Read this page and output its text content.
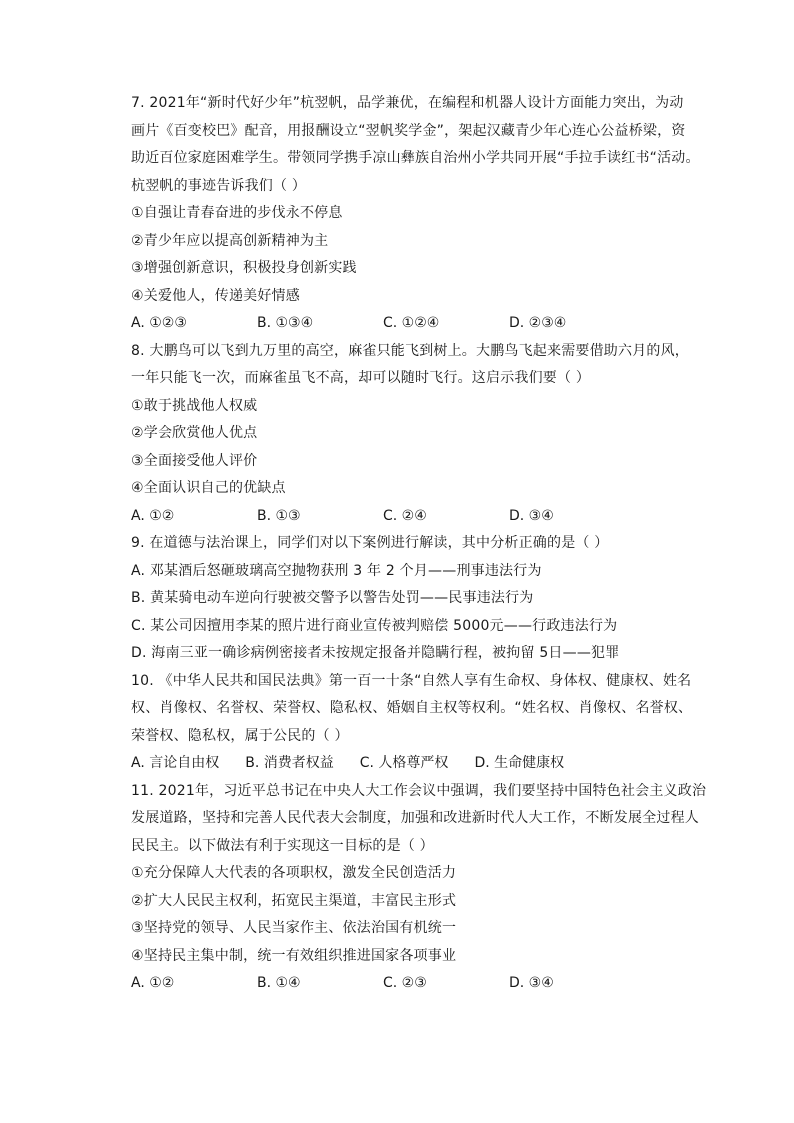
7. 2021年“新时代好少年”杭翌帆，品学兼优，在编程和机器人设计方面能力突出，为动
画片《百变校巴》配音，用报酬设立“翌帆奖学金”，架起汉藏青少年心连心公益桥梁，资
助近百位家庭困难学生。带领同学携手凉山彝族自治州小学共同开展“手拉手读红书“活动。
杭翌帆的事迹告诉我们（ ）
①自强让青春奋进的步伐永不停息
②青少年应以提高创新精神为主
③增强创新意识，积极投身创新实践
④关爱他人，传递美好情感
A. ①②③	B. ①③④	C. ①②④	D. ②③④
8. 大鹏鸟可以飞到九万里的高空，麻雀只能飞到树上。大鹏鸟飞起来需要借助六月的风，
一年只能飞一次，而麻雀虽飞不高，却可以随时飞行。这启示我们要（ ）
①敢于挑战他人权威
②学会欣赏他人优点
③全面接受他人评价
④全面认识自己的优缺点
A. ①②	B. ①③	C. ②④	D. ③④
9. 在道德与法治课上，同学们对以下案例进行解读，其中分析正确的是（ ）
A. 邓某酒后怒砸玻璃高空抛物获刑 3 年 2 个月——刑事违法行为
B. 黄某骑电动车逆向行驶被交警予以警告处罚——民事违法行为
C. 某公司因擅用李某的照片进行商业宣传被判赔偿 5000元——行政违法行为
D. 海南三亚一确诊病例密接者未按规定报备并隐瞒行程，被拘留 5日——犯罪
10. 《中华人民共和国民法典》第一百一十条“自然人享有生命权、身体权、健康权、姓名
权、肖像权、名誉权、荣誉权、隐私权、婚姻自主权等权利。“姓名权、肖像权、名誉权、
荣誉权、隐私权，属于公民的（ ）
A. 言论自由权	B. 消费者权益	C. 人格尊严权	D. 生命健康权
11. 2021年，习近平总书记在中央人大工作会议中强调，我们要坚持中国特色社会主义政治
发展道路，坚持和完善人民代表大会制度，加强和改进新时代人大工作，不断发展全过程人
民民主。以下做法有利于实现这一目标的是（ ）
①充分保障人大代表的各项职权，激发全民创造活力
②扩大人民民主权利，拓宽民主渠道，丰富民主形式
③坚持党的领导、人民当家作主、依法治国有机统一
④坚持民主集中制，统一有效组织推进国家各项事业
A. ①②	B. ①④	C. ②③	D. ③④
